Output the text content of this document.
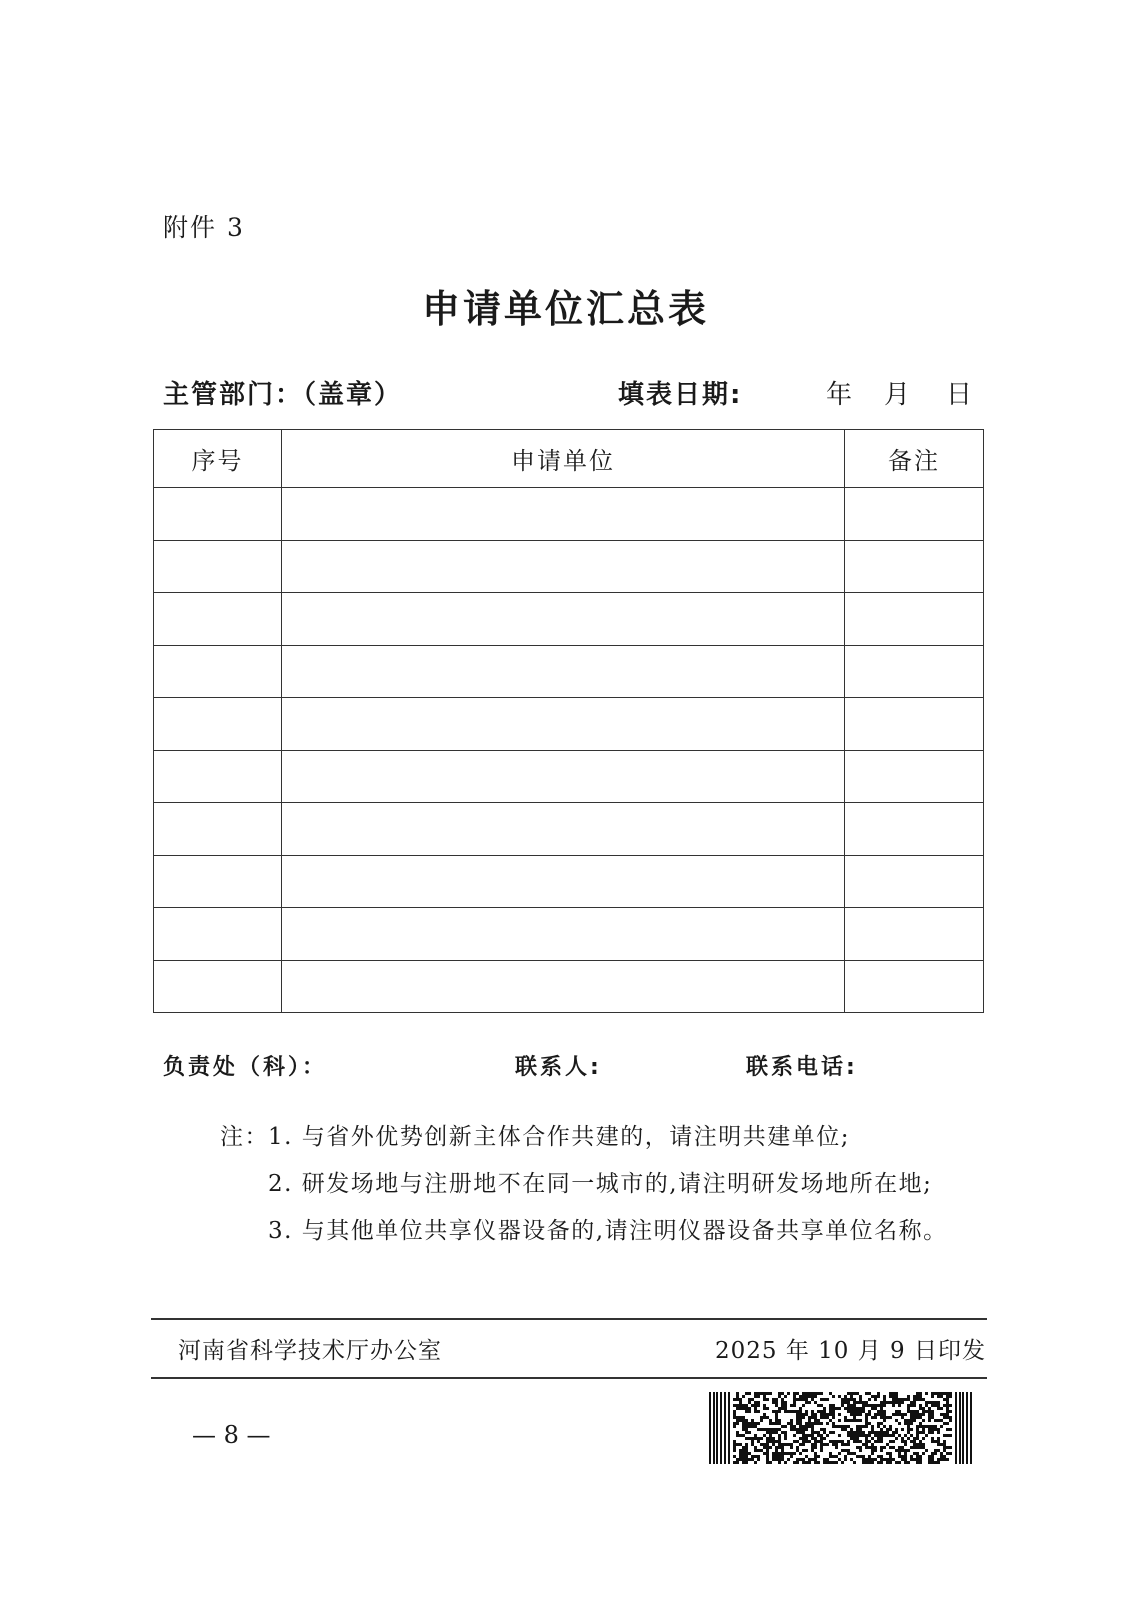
附件 3
申请单位汇总表
主管部门：（盖章）	填表日期:	年 月 日
序号	申请单位	备注

负责处（科）：	联系人:	联系电话:
注： 1. 与省外优势创新主体合作共建的，请注明共建单位;
2. 研发场地与注册地不在同一城市的,请注明研发场地所在地;
3. 与其他单位共享仪器设备的,请注明仪器设备共享单位名称。
河南省科学技术厅办公室	2025 年 10 月 9 日印发
— 8 —
